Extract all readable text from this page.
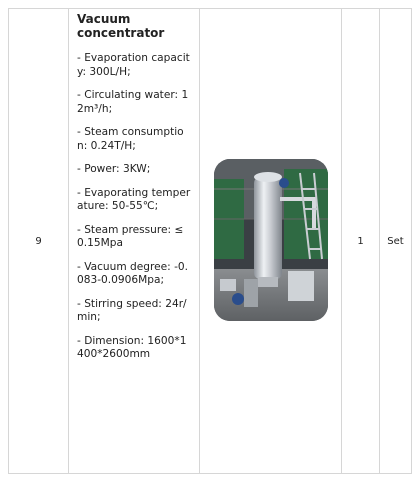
9
Vacuum concentrator
- Evaporation capacity: 300L/H;
- Circulating water: 12m³/h;
- Steam consumption: 0.24T/H;
- Power: 3KW;
- Evaporating temperature: 50-55℃;
- Steam pressure: ≤0.15Mpa
- Vacuum degree: -0.083-0.0906Mpa;
- Stirring speed: 24r/min;
- Dimension: 1600*1400*2600mm
1 Set
